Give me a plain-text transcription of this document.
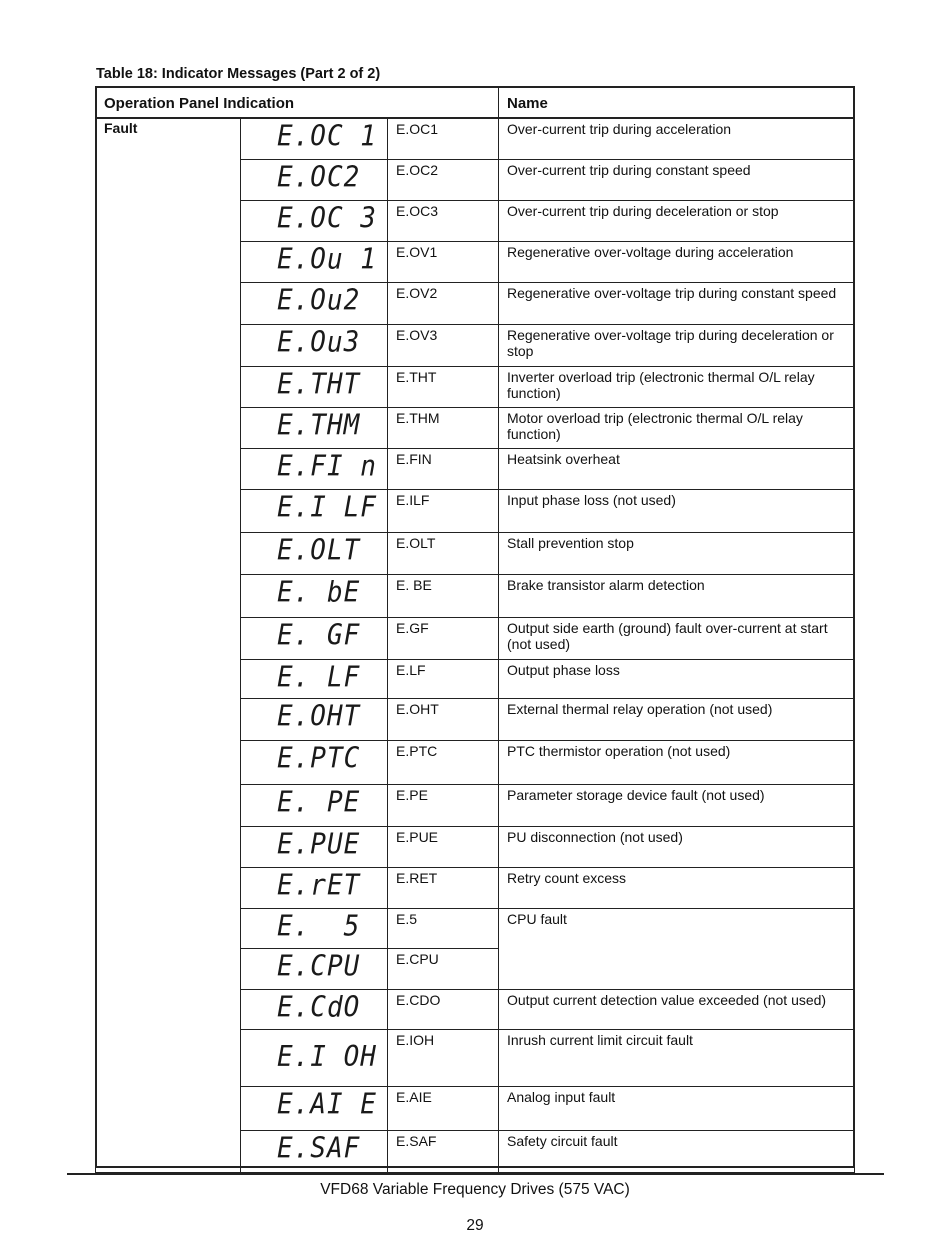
Table 18: Indicator Messages (Part 2 of 2)
Operation Panel Indication			Name
Fault	E.OC 1	E.OC1	Over-current trip during acceleration
	E.OC2	E.OC2	Over-current trip during constant speed
	E.OC 3	E.OC3	Over-current trip during deceleration or stop
	E.Ou 1	E.OV1	Regenerative over-voltage during acceleration
	E.Ou2	E.OV2	Regenerative over-voltage trip during constant speed
	E.Ou3	E.OV3	Regenerative over-voltage trip during deceleration or stop
	E.THT	E.THT	Inverter overload trip (electronic thermal O/L relay function)
	E.THM	E.THM	Motor overload trip (electronic thermal O/L relay function)
	E.FI n	E.FIN	Heatsink overheat
	E.I LF	E.ILF	Input phase loss (not used)
	E.OLT	E.OLT	Stall prevention stop
	E. bE	E. BE	Brake transistor alarm detection
	E. GF	E.GF	Output side earth (ground) fault over-current at start (not used)
	E. LF	E.LF	Output phase loss
	E.OHT	E.OHT	External thermal relay operation (not used)
	E.PTC	E.PTC	PTC thermistor operation (not used)
	E. PE	E.PE	Parameter storage device fault (not used)
	E.PUE	E.PUE	PU disconnection (not used)
	E.rET	E.RET	Retry count excess
	E.  5	E.5	CPU fault
	E.CPU	E.CPU	
	E.CdO	E.CDO	Output current detection value exceeded (not used)
	E.I OH	E.IOH	Inrush current limit circuit fault
	E.AI E	E.AIE	Analog input fault
	E.SAF	E.SAF	Safety circuit fault
VFD68 Variable Frequency Drives (575 VAC)
29
